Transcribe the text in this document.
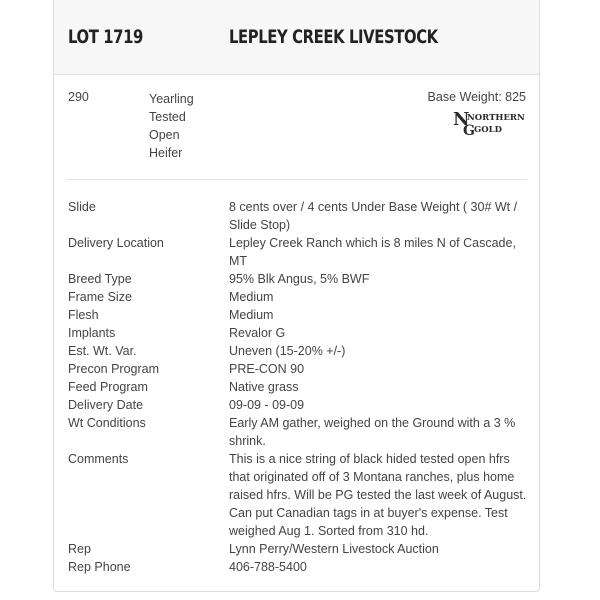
LOT 1719	LEPLEY CREEK LIVESTOCK
290	Yearling
Tested
Open
Heifer
Base Weight: 825
N
NORTHERN
G GOLD
Slide	8 cents over / 4 cents Under Base Weight ( 30# Wt / Slide Stop)
Delivery Location	Lepley Creek Ranch which is 8 miles N of Cascade, MT
Breed Type	95% Blk Angus, 5% BWF
Frame Size	Medium
Flesh	Medium
Implants	Revalor G
Est. Wt. Var.	Uneven (15-20% +/-)
Precon Program	PRE-CON 90
Feed Program	Native grass
Delivery Date	09-09 - 09-09
Wt Conditions	Early AM gather, weighed on the Ground with a 3 % shrink.
Comments	This is a nice string of black hided tested open hfrs that originated off of 3 Montana ranches, plus home raised hfrs. Will be PG tested the last week of August. Can put Canadian tags in at buyer's expense. Test weighed Aug 1. Sorted from 310 hd.
Rep	Lynn Perry/Western Livestock Auction
Rep Phone	406-788-5400
